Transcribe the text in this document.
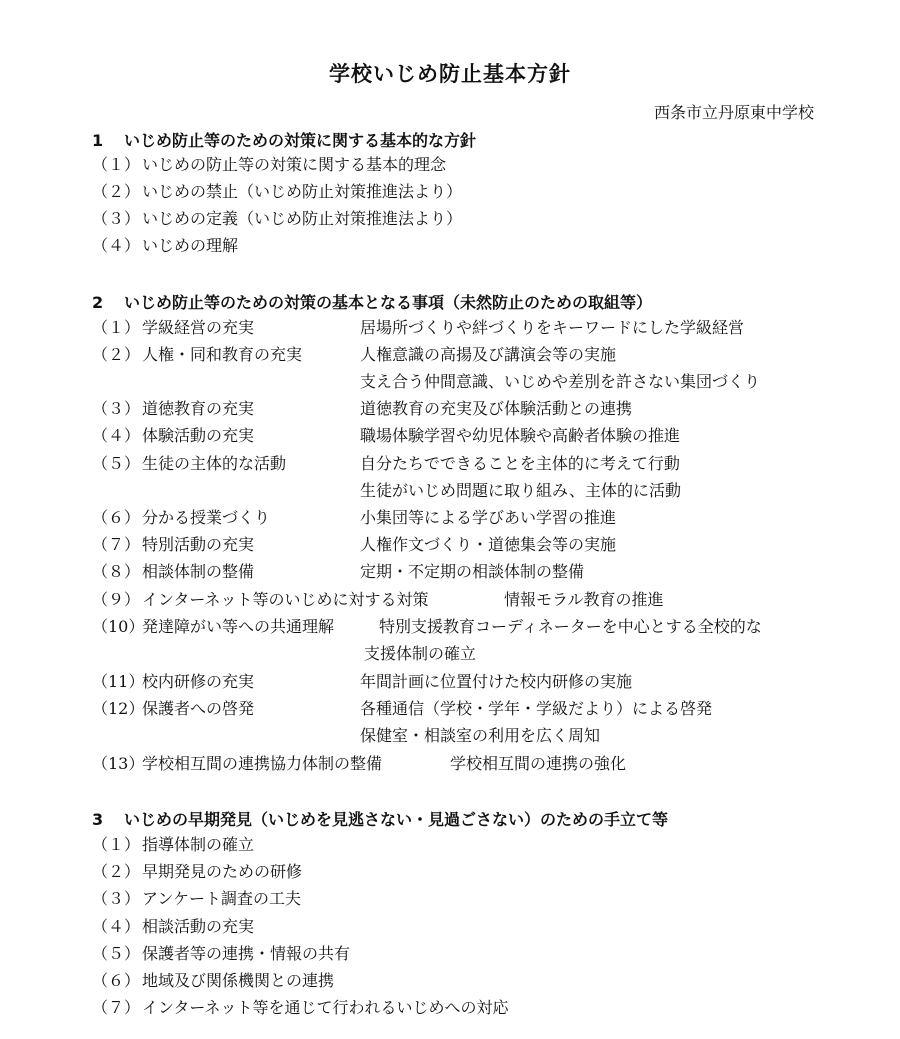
学校いじめ防止基本方針
西条市立丹原東中学校
1 いじめ防止等のための対策に関する基本的な方針
（１） いじめの防止等の対策に関する基本的理念
（２） いじめの禁止（いじめ防止対策推進法より）
（３） いじめの定義（いじめ防止対策推進法より）
（４） いじめの理解
2 いじめ防止等のための対策の基本となる事項（未然防止のための取組等）
（１） 学級経営の充実	居場所づくりや絆づくりをキーワードにした学級経営
（２） 人権・同和教育の充実	人権意識の高揚及び講演会等の実施
支え合う仲間意識、いじめや差別を許さない集団づくり
（３） 道徳教育の充実	道徳教育の充実及び体験活動との連携
（４） 体験活動の充実	職場体験学習や幼児体験や高齢者体験の推進
（５） 生徒の主体的な活動	自分たちでできることを主体的に考えて行動
生徒がいじめ問題に取り組み、主体的に活動
（６） 分かる授業づくり	小集団等による学びあい学習の推進
（７） 特別活動の充実	人権作文づくり・道徳集会等の実施
（８） 相談体制の整備	定期・不定期の相談体制の整備
（９） インターネット等のいじめに対する対策	情報モラル教育の推進
（10）発達障がい等への共通理解	特別支援教育コーディネーターを中心とする全校的な
支援体制の確立
（11）校内研修の充実	年間計画に位置付けた校内研修の実施
（12）保護者への啓発	各種通信（学校・学年・学級だより）による啓発
保健室・相談室の利用を広く周知
（13）学校相互間の連携協力体制の整備	学校相互間の連携の強化
3 いじめの早期発見（いじめを見逃さない・見過ごさない）のための手立て等
（１） 指導体制の確立
（２） 早期発見のための研修
（３） アンケート調査の工夫
（４） 相談活動の充実
（５） 保護者等の連携・情報の共有
（６） 地域及び関係機関との連携
（７） インターネット等を通じて行われるいじめへの対応
